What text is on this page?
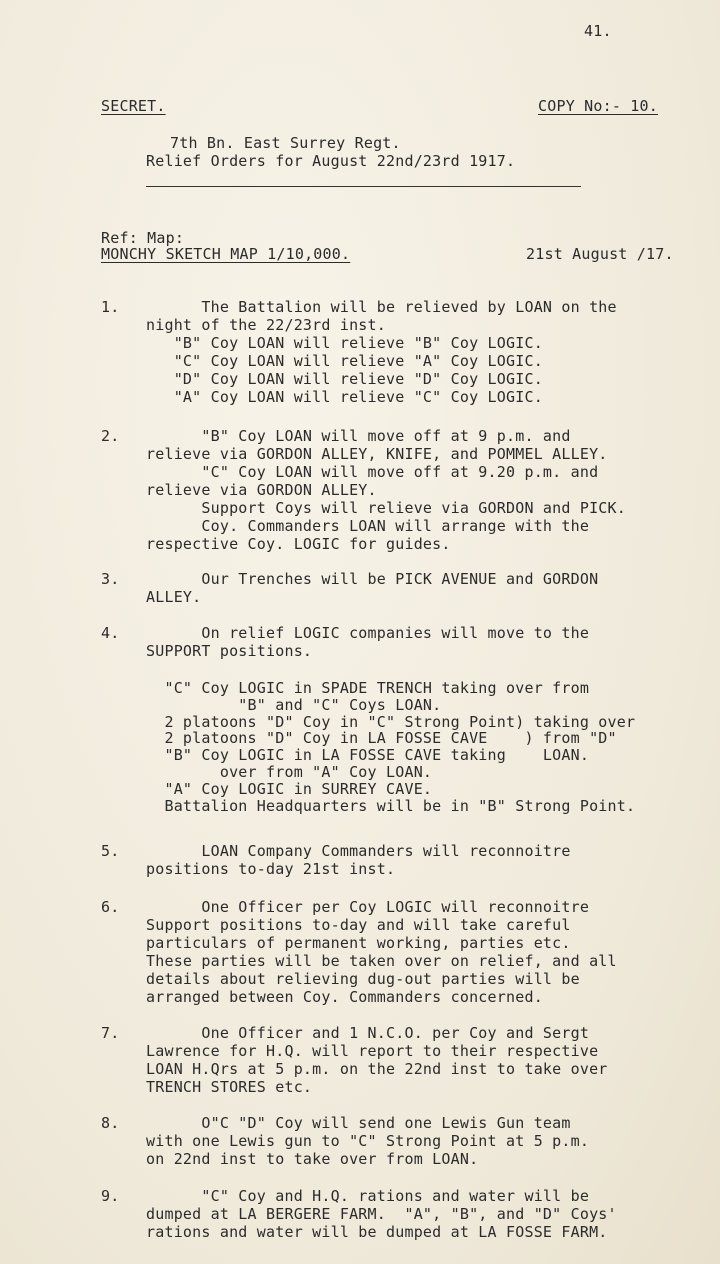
41.
SECRET.	COPY No:- 10.
7th Bn. East Surrey Regt.
Relief Orders for August 22nd/23rd 1917.
Ref: Map:
MONCHY SKETCH MAP 1/10,000.	21st August /17.
1. The Battalion will be relieved by LOAN on the
night of the 22/23rd inst.
"B" Coy LOAN will relieve "B" Coy LOGIC.
"C" Coy LOAN will relieve "A" Coy LOGIC.
"D" Coy LOAN will relieve "D" Coy LOGIC.
"A" Coy LOAN will relieve "C" Coy LOGIC.
2. "B" Coy LOAN will move off at 9 p.m. and
relieve via GORDON ALLEY, KNIFE, and POMMEL ALLEY.
"C" Coy LOAN will move off at 9.20 p.m. and
relieve via GORDON ALLEY.
Support Coys will relieve via GORDON and PICK.
Coy. Commanders LOAN will arrange with the
respective Coy. LOGIC for guides.
3. Our Trenches will be PICK AVENUE and GORDON
ALLEY.
4. On relief LOGIC companies will move to the
SUPPORT positions.
"C" Coy LOGIC in SPADE TRENCH taking over from
"B" and "C" Coys LOAN.
2 platoons "D" Coy in "C" Strong Point) taking over
2 platoons "D" Coy in LA FOSSE CAVE    ) from "D"
"B" Coy LOGIC in LA FOSSE CAVE taking    LOAN.
over from "A" Coy LOAN.
"A" Coy LOGIC in SURREY CAVE.
Battalion Headquarters will be in "B" Strong Point.
5. LOAN Company Commanders will reconnoitre
positions to-day 21st inst.
6. One Officer per Coy LOGIC will reconnoitre
Support positions to-day and will take careful
particulars of permanent working, parties etc.
These parties will be taken over on relief, and all
details about relieving dug-out parties will be
arranged between Coy. Commanders concerned.
7. One Officer and 1 N.C.O. per Coy and Sergt
Lawrence for H.Q. will report to their respective
LOAN H.Qrs at 5 p.m. on the 22nd inst to take over
TRENCH STORES etc.
8. O"C "D" Coy will send one Lewis Gun team
with one Lewis gun to "C" Strong Point at 5 p.m.
on 22nd inst to take over from LOAN.
9. "C" Coy and H.Q. rations and water will be
dumped at LA BERGERE FARM.  "A", "B", and "D" Coys'
rations and water will be dumped at LA FOSSE FARM.
